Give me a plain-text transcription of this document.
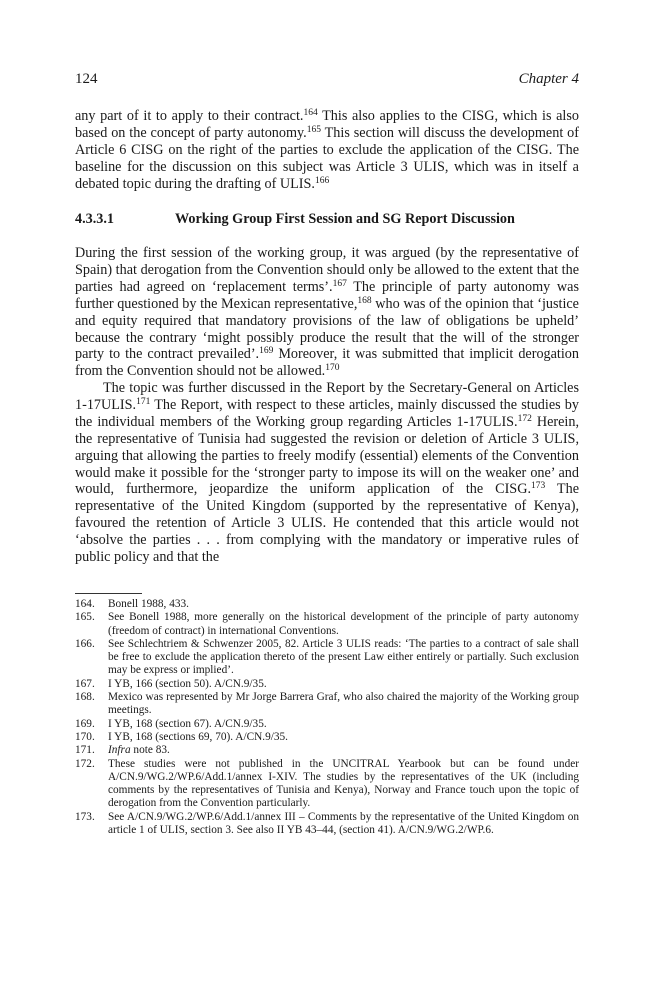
124	Chapter 4

any part of it to apply to their contract.$^{164}$ This also applies to the CISG, which is also based on the concept of party autonomy.$^{165}$ This section will discuss the development of Article 6 CISG on the right of the parties to exclude the application of the CISG. The baseline for the discussion on this subject was Article 3 ULIS, which was in itself a debated topic during the drafting of ULIS.$^{166}$

4.3.3.1	Working Group First Session and SG Report Discussion

During the first session of the working group, it was argued (by the representative of Spain) that derogation from the Convention should only be allowed to the extent that the parties had agreed on ‘replacement terms’.$^{167}$ The principle of party autonomy was further questioned by the Mexican representative,$^{168}$ who was of the opinion that ‘justice and equity required that mandatory provisions of the law of obligations be upheld’ because the contrary ‘might possibly produce the result that the will of the stronger party to the contract prevailed’.$^{169}$ Moreover, it was submitted that implicit derogation from the Convention should not be allowed.$^{170}$

The topic was further discussed in the Report by the Secretary-General on Articles 1-17ULIS.$^{171}$ The Report, with respect to these articles, mainly discussed the studies by the individual members of the Working group regarding Articles 1-17ULIS.$^{172}$ Herein, the representative of Tunisia had suggested the revision or deletion of Article 3 ULIS, arguing that allowing the parties to freely modify (essential) elements of the Convention would make it possible for the ‘stronger party to impose its will on the weaker one’ and would, furthermore, jeopardize the uniform application of the CISG.$^{173}$ The representative of the United Kingdom (supported by the representative of Kenya), favoured the retention of Article 3 ULIS. He contended that this article would not ‘absolve the parties . . . from complying with the mandatory or imperative rules of public policy and that the

164.	Bonell 1988, 433.
165.	See Bonell 1988, more generally on the historical development of the principle of party autonomy (freedom of contract) in international Conventions.
166.	See Schlechtriem & Schwenzer 2005, 82. Article 3 ULIS reads: ‘The parties to a contract of sale shall be free to exclude the application thereto of the present Law either entirely or partially. Such exclusion may be express or implied’.
167.	I YB, 166 (section 50). A/CN.9/35.
168.	Mexico was represented by Mr Jorge Barrera Graf, who also chaired the majority of the Working group meetings.
169.	I YB, 168 (section 67). A/CN.9/35.
170.	I YB, 168 (sections 69, 70). A/CN.9/35.
171.	Infra note 83.
172.	These studies were not published in the UNCITRAL Yearbook but can be found under A/CN.9/WG.2/WP.6/Add.1/annex I-XIV. The studies by the representatives of the UK (including comments by the representatives of Tunisia and Kenya), Norway and France touch upon the topic of derogation from the Convention particularly.
173.	See A/CN.9/WG.2/WP.6/Add.1/annex III – Comments by the representative of the United Kingdom on article 1 of ULIS, section 3. See also II YB 43–44, (section 41). A/CN.9/WG.2/WP.6.
